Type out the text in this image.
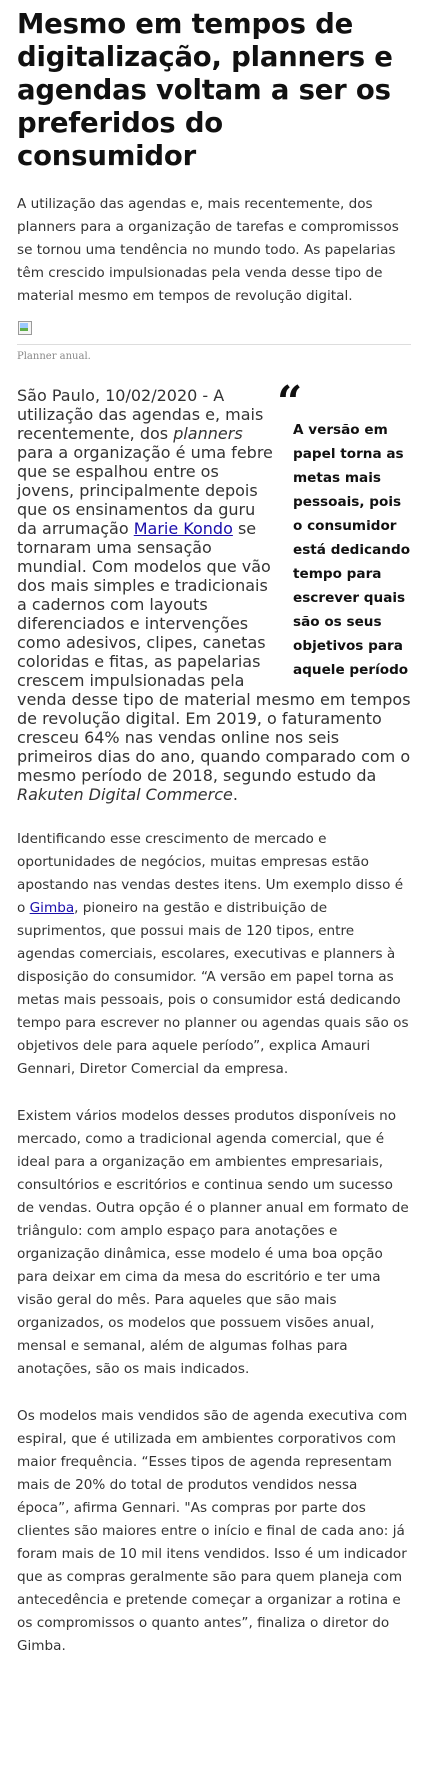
Mesmo em tempos de digitalização, planners e agendas voltam a ser os preferidos do consumidor

A utilização das agendas e, mais recentemente, dos planners para a organização de tarefas e compromissos se tornou uma tendência no mundo todo. As papelarias têm crescido impulsionadas pela venda desse tipo de material mesmo em tempos de revolução digital.

Planner anual.

“
A versão em papel torna as metas mais pessoais, pois o consumidor está dedicando tempo para escrever quais são os seus objetivos para aquele período
São Paulo, 10/02/2020 - A utilização das agendas e, mais recentemente, dos planners para a organização é uma febre que se espalhou entre os jovens, principalmente depois que os ensinamentos da guru da arrumação Marie Kondo se tornaram uma sensação mundial. Com modelos que vão dos mais simples e tradicionais a cadernos com layouts diferenciados e intervenções como adesivos, clipes, canetas coloridas e fitas, as papelarias crescem impulsionadas pela venda desse tipo de material mesmo em tempos de revolução digital. Em 2019, o faturamento cresceu 64% nas vendas online nos seis primeiros dias do ano, quando comparado com o mesmo período de 2018, segundo estudo da Rakuten Digital Commerce.

Identificando esse crescimento de mercado e oportunidades de negócios, muitas empresas estão apostando nas vendas destes itens. Um exemplo disso é o Gimba, pioneiro na gestão e distribuição de suprimentos, que possui mais de 120 tipos, entre agendas comerciais, escolares, executivas e planners à disposição do consumidor. “A versão em papel torna as metas mais pessoais, pois o consumidor está dedicando tempo para escrever no planner ou agendas quais são os objetivos dele para aquele período”, explica Amauri Gennari, Diretor Comercial da empresa.

Existem vários modelos desses produtos disponíveis no mercado, como a tradicional agenda comercial, que é ideal para a organização em ambientes empresariais, consultórios e escritórios e continua sendo um sucesso de vendas. Outra opção é o planner anual em formato de triângulo: com amplo espaço para anotações e organização dinâmica, esse modelo é uma boa opção para deixar em cima da mesa do escritório e ter uma visão geral do mês. Para aqueles que são mais organizados, os modelos que possuem visões anual, mensal e semanal, além de algumas folhas para anotações, são os mais indicados.

Os modelos mais vendidos são de agenda executiva com espiral, que é utilizada em ambientes corporativos com maior frequência. “Esses tipos de agenda representam mais de 20% do total de produtos vendidos nessa época”, afirma Gennari. "As compras por parte dos clientes são maiores entre o início e final de cada ano: já foram mais de 10 mil itens vendidos. Isso é um indicador que as compras geralmente são para quem planeja com antecedência e pretende começar a organizar a rotina e os compromissos o quanto antes”, finaliza o diretor do Gimba.
